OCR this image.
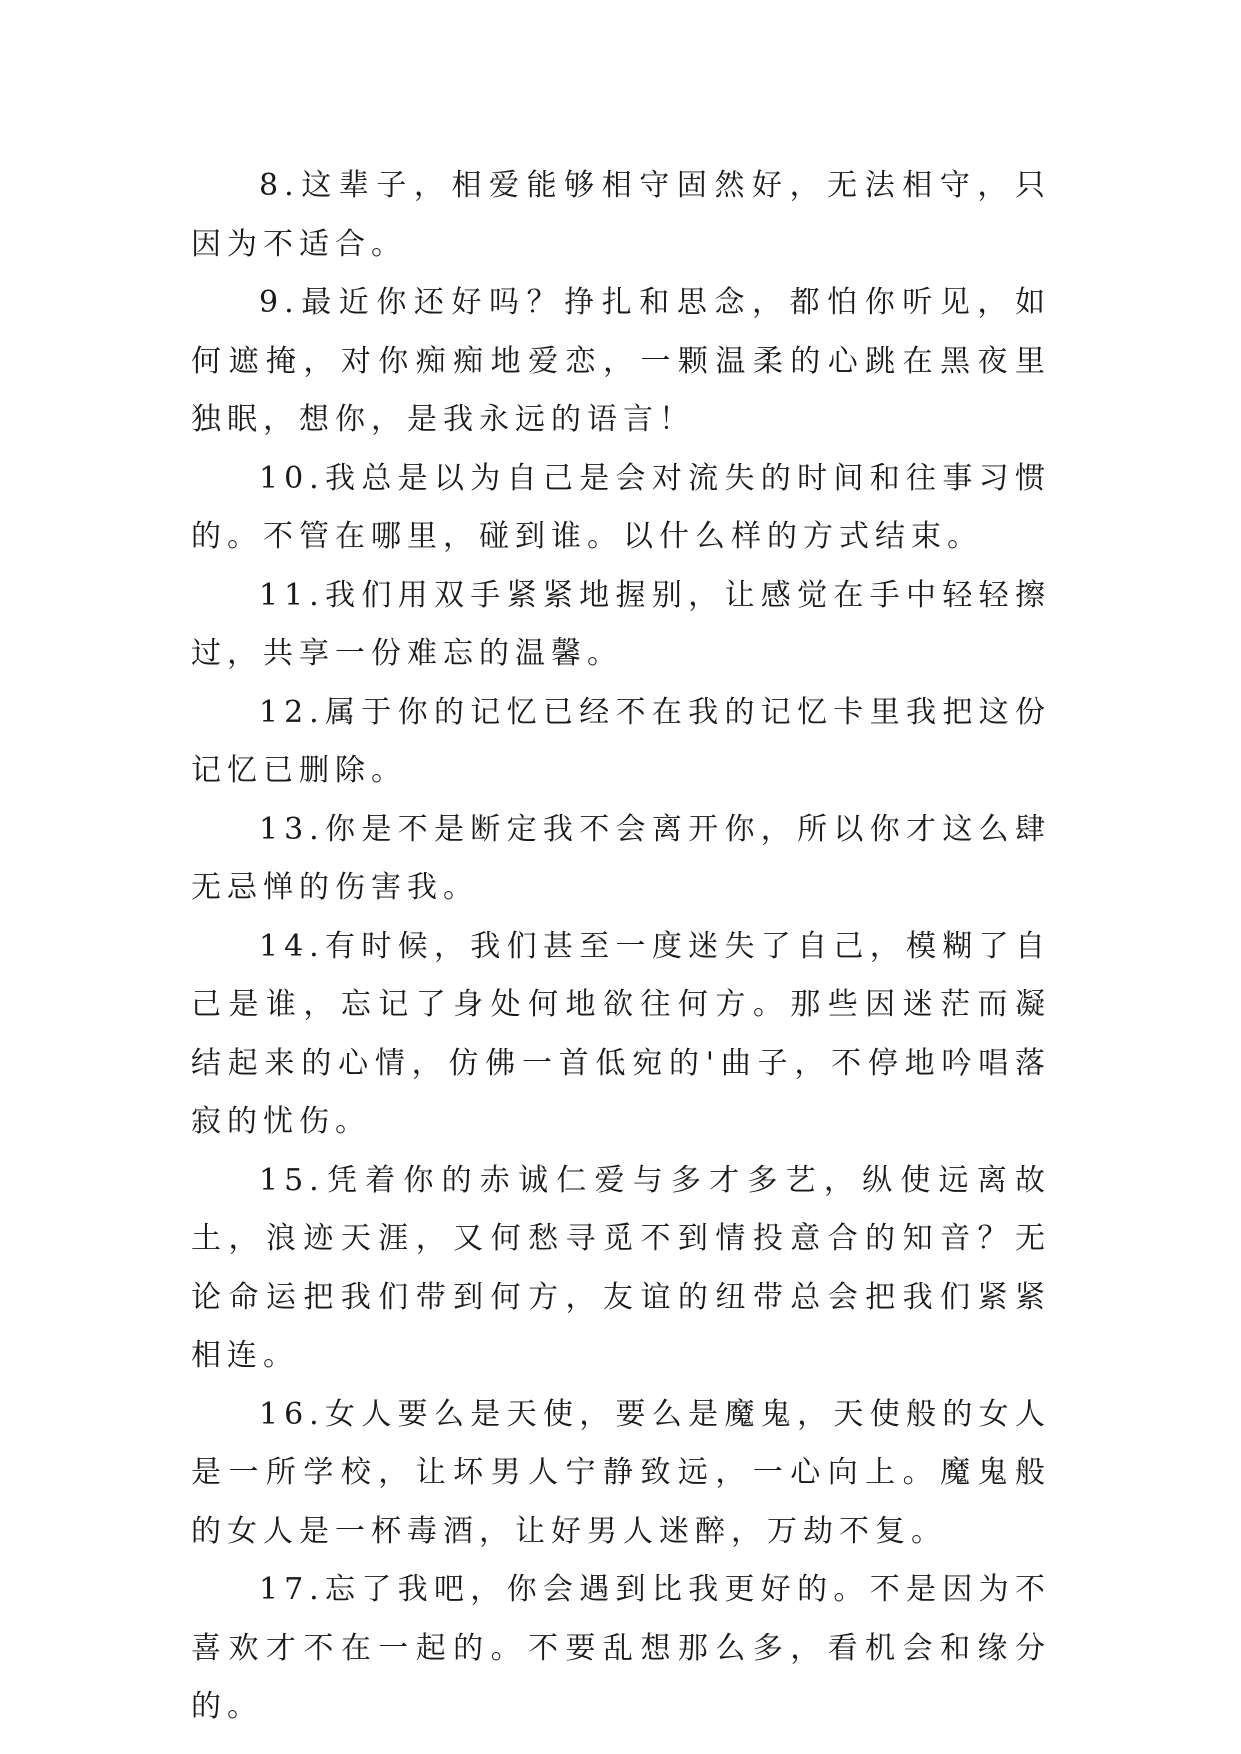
8.这辈子，相爱能够相守固然好，无法相守，只因为不适合。

9.最近你还好吗？挣扎和思念，都怕你听见，如何遮掩，对你痴痴地爱恋，一颗温柔的心跳在黑夜里独眠，想你，是我永远的语言！

10.我总是以为自己是会对流失的时间和往事习惯的。不管在哪里，碰到谁。以什么样的方式结束。

11.我们用双手紧紧地握别，让感觉在手中轻轻擦过，共享一份难忘的温馨。

12.属于你的记忆已经不在我的记忆卡里我把这份记忆已删除。

13.你是不是断定我不会离开你，所以你才这么肆无忌惮的伤害我。

14.有时候，我们甚至一度迷失了自己，模糊了自己是谁，忘记了身处何地欲往何方。那些因迷茫而凝结起来的心情，仿佛一首低宛的'曲子，不停地吟唱落寂的忧伤。

15.凭着你的赤诚仁爱与多才多艺，纵使远离故土，浪迹天涯，又何愁寻觅不到情投意合的知音？无论命运把我们带到何方，友谊的纽带总会把我们紧紧相连。

16.女人要么是天使，要么是魔鬼，天使般的女人是一所学校，让坏男人宁静致远，一心向上。魔鬼般的女人是一杯毒酒，让好男人迷醉，万劫不复。

17.忘了我吧，你会遇到比我更好的。不是因为不喜欢才不在一起的。不要乱想那么多，看机会和缘分的。
